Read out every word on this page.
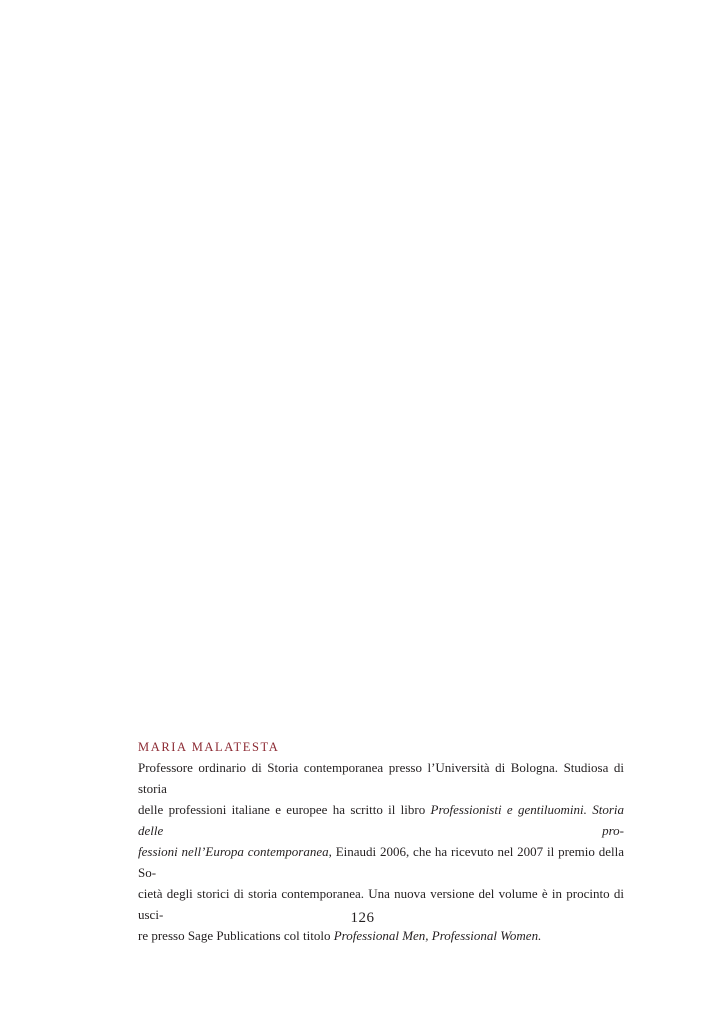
MARIA MALATESTA

Professore ordinario di Storia contemporanea presso l’Università di Bologna. Studiosa di storia

delle professioni italiane e europee ha scritto il libro Professionisti e gentiluomini. Storia delle pro-

fessioni nell’Europa contemporanea, Einaudi 2006, che ha ricevuto nel 2007 il premio della So-

cietà degli storici di storia contemporanea. Una nuova versione del volume è in procinto di usci-

re presso Sage Publications col titolo Professional Men, Professional Women.

126
